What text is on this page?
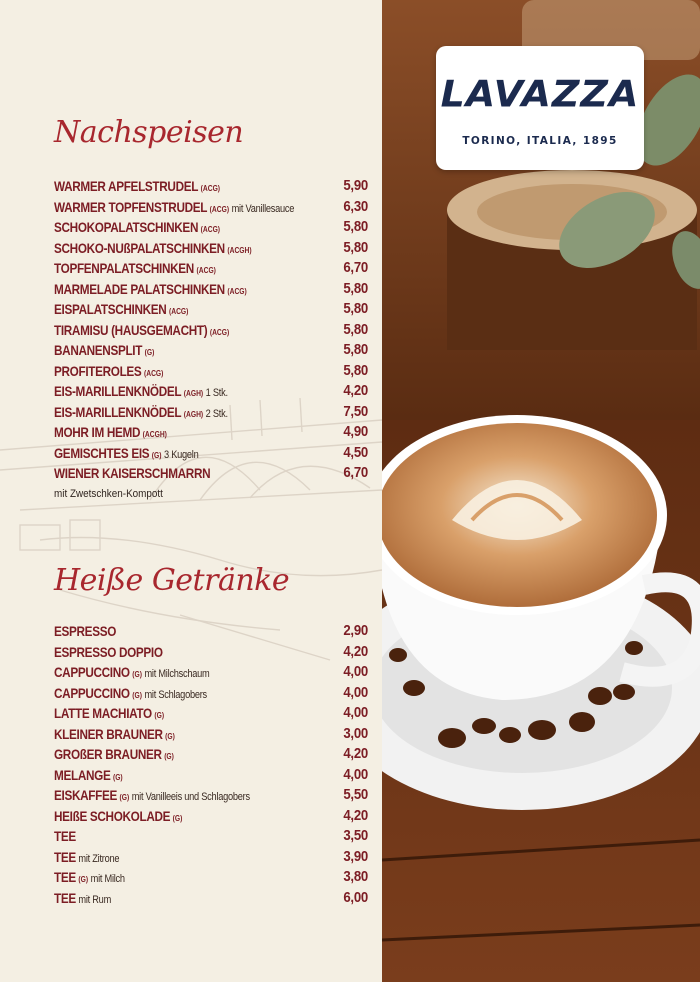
Nachspeisen
WARMER APFELSTRUDEL (ACG)	5,90
WARMER TOPFENSTRUDEL (ACG) mit Vanillesauce	6,30
SCHOKOPALATSCHINKEN (ACG)	5,80
SCHOKO-NUßPALATSCHINKEN (ACGH)	5,80
TOPFENPALATSCHINKEN (ACG)	6,70
MARMELADE PALATSCHINKEN (ACG)	5,80
EISPALATSCHINKEN (ACG)	5,80
TIRAMISU (HAUSGEMACHT) (ACG)	5,80
BANANENSPLIT (G)	5,80
PROFITEROLES (ACG)	5,80
EIS-MARILLENKNÖDEL (AGH) 1 Stk.	4,20
EIS-MARILLENKNÖDEL (AGH) 2 Stk.	7,50
MOHR IM HEMD (ACGH)	4,90
GEMISCHTES EIS (G) 3 Kugeln	4,50
WIENER KAISERSCHMARRN	6,70
mit Zwetschken-Kompott
Heiße Getränke
ESPRESSO	2,90
ESPRESSO DOPPIO	4,20
CAPPUCCINO (G) mit Milchschaum	4,00
CAPPUCCINO (G) mit Schlagobers	4,00
LATTE MACHIATO (G)	4,00
KLEINER BRAUNER (G)	3,00
GROßER BRAUNER (G)	4,20
MELANGE (G)	4,00
EISKAFFEE (G) mit Vanilleeis und Schlagobers	5,50
HEIßE SCHOKOLADE (G)	4,20
TEE	3,50
TEE mit Zitrone	3,90
TEE (G) mit Milch	3,80
TEE mit Rum	6,00
LAVAZZA
TORINO, ITALIA, 1895
